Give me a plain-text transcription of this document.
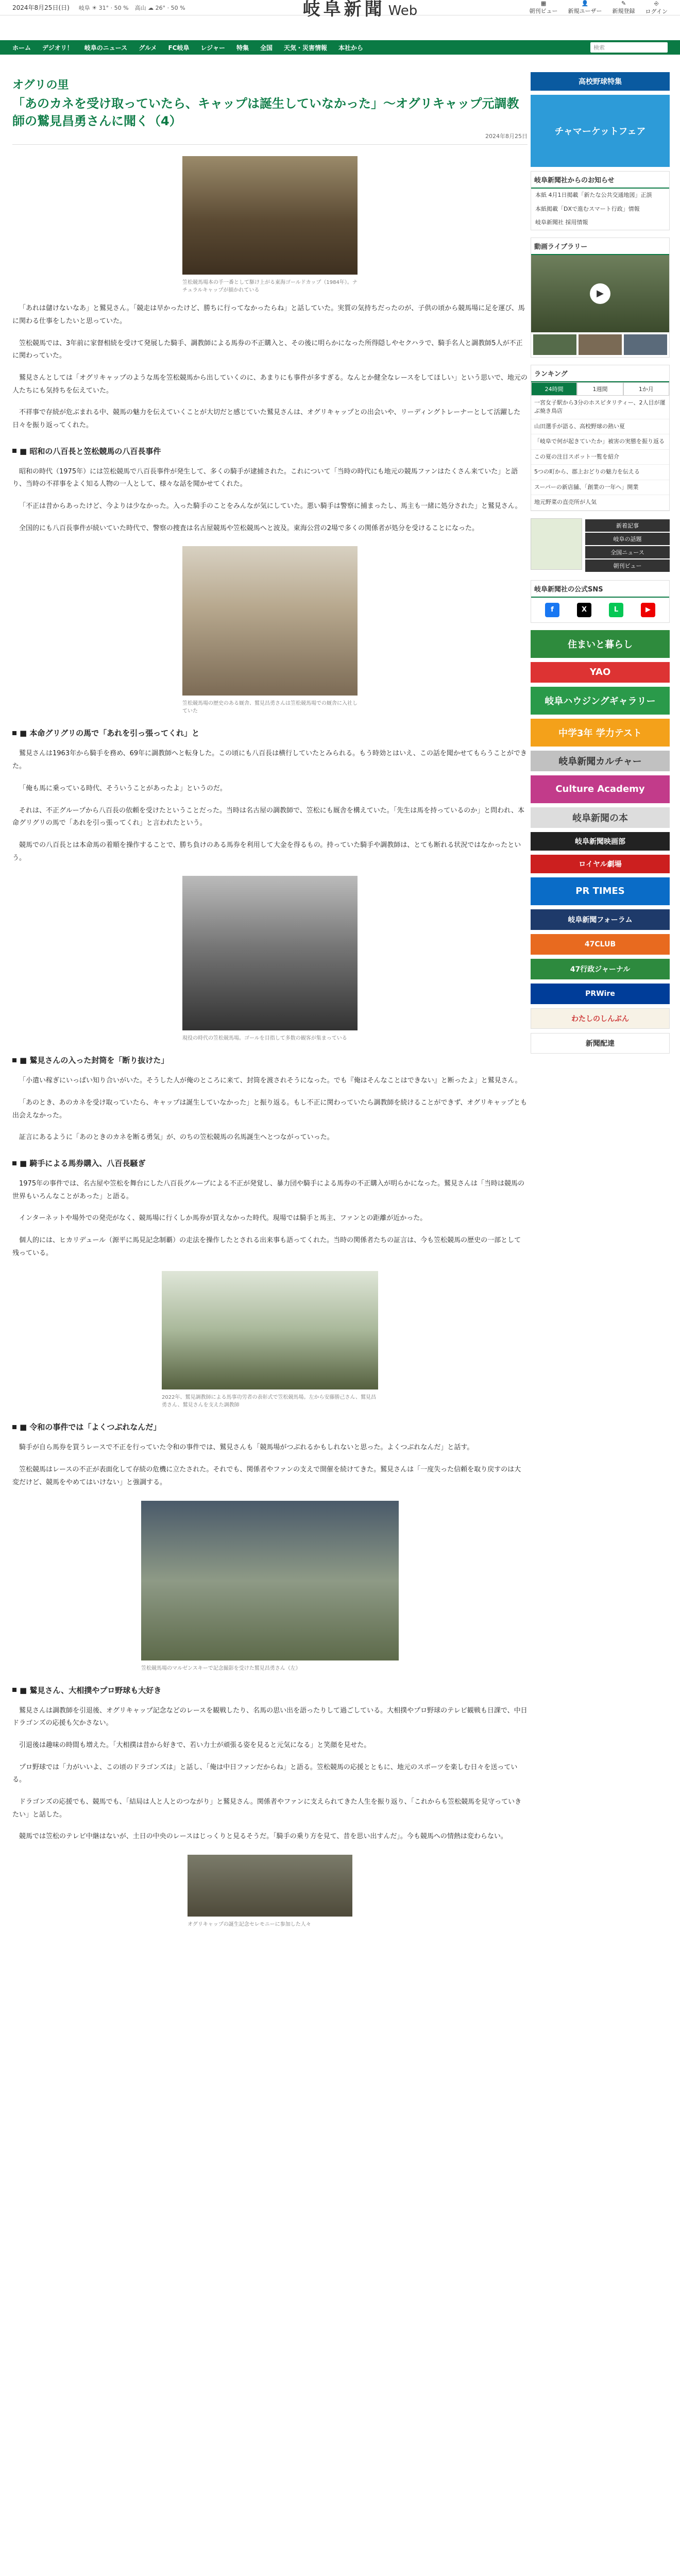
2024年8月25日(日) 岐阜 ☀ 31° · 50 % 高山 ☁ 26° · 50 %	岐阜新聞 Web	▦
朝刊ビュー
👤
新規ユーザー
✎
新規登録
⎆
ログイン
ホーム デジオリ！ 岐阜のニュース グルメ FC岐阜 レジャー 特集 全国 天気・災害情報 本社から	検索
オグリの里
「あのカネを受け取っていたら、キャップは誕生していなかった」～オグリキャップ元調教師の鷲見昌勇さんに聞く（4）
2024年8月25日
笠松競馬場本の手一番として駆け上がる東海ゴールドカップ（1984年）。ナチュラルキャップが描かれている

「あれは儲けないなあ」と鷲見さん。「競走は早かったけど、勝ちに行ってなかったらね」と話していた。実質の気持ちだったのが、子供の頃から競馬場に足を運び、馬に関わる仕事をしたいと思っていた。

笠松競馬では、3年前に家督相続を受けて発展した騎手、調教師による馬券の不正購入と、その後に明らかになった所得隠しやセクハラで、騎手名人と調教師5人が不正に関わっていた。

鷲見さんとしては「オグリキャップのような馬を笠松競馬から出していくのに、あまりにも事件が多すぎる。なんとか健全なレースをしてほしい」という思いで、地元の人たちにも気持ちを伝えていた。

不祥事で存続が危ぶまれる中、競馬の魅力を伝えていくことが大切だと感じていた鷲見さんは、オグリキャップとの出会いや、リーディングトレーナーとして活躍した日々を振り返ってくれた。

■ 昭和の八百長と笠松競馬の八百長事件

昭和の時代（1975年）には笠松競馬で八百長事件が発生して、多くの騎手が逮捕された。これについて「当時の時代にも地元の競馬ファンはたくさん来ていた」と語り、当時の不祥事をよく知る人物の一人として、様々な話を聞かせてくれた。

「不正は昔からあったけど、今よりは少なかった。入った騎手のことをみんなが気にしていた。悪い騎手は警察に捕まったし、馬主も一緒に処分された」と鷲見さん。

全国的にも八百長事件が続いていた時代で、警察の捜査は名古屋競馬や笠松競馬へと波及。東海公営の2場で多くの関係者が処分を受けることになった。

笠松競馬場の歴史のある厩舎、鷲見昌勇さんは笠松競馬場での厩舎に入社していた
■ 本命グリグリの馬で「あれを引っ張ってくれ」と

鷲見さんは1963年から騎手を務め、69年に調教師へと転身した。この頃にも八百長は横行していたとみられる。もう時効とはいえ、この話を聞かせてもらうことができた。

「俺も馬に乗っている時代、そういうことがあったよ」というのだ。

それは、不正グループから八百長の依頼を受けたということだった。当時は名古屋の調教師で、笠松にも厩舎を構えていた。「先生は馬を持っているのか」と問われ、本命グリグリの馬で「あれを引っ張ってくれ」と言われたという。

競馬での八百長とは本命馬の着順を操作することで、勝ち負けのある馬券を利用して大金を得るもの。持っていた騎手や調教師は、とても断れる状況ではなかったという。

現役の時代の笠松競馬場。ゴールを目指して多数の観客が集まっている
■ 鷲見さんの入った封筒を「断り抜けた」

「小遣い稼ぎにいっぱい知り合いがいた。そうした人が俺のところに来て、封筒を渡されそうになった。でも『俺はそんなことはできない』と断ったよ」と鷲見さん。

「あのとき、あのカネを受け取っていたら、キャップは誕生していなかった」と振り返る。もし不正に関わっていたら調教師を続けることができず、オグリキャップとも出会えなかった。

証言にあるように「あのときのカネを断る勇気」が、のちの笠松競馬の名馬誕生へとつながっていった。

■ 騎手による馬券購入、八百長騒ぎ

1975年の事件では、名古屋や笠松を舞台にした八百長グループによる不正が発覚し、暴力団や騎手による馬券の不正購入が明らかになった。鷲見さんは「当時は競馬の世界もいろんなことがあった」と語る。

インターネットや場外での発売がなく、競馬場に行くしか馬券が買えなかった時代。現場では騎手と馬主、ファンとの距離が近かった。

個人的には、ヒカリデュール（源平に馬見記念制覇）の走法を操作したとされる出来事も語ってくれた。当時の関係者たちの証言は、今も笠松競馬の歴史の一部として残っている。

2022年、鷲見調教師による馬事功労者の表彰式で笠松競馬場。左から安藤勝己さん、鷲見昌勇さん、鷲見さんを支えた調教師
■ 令和の事件では「よくつぶれなんだ」

騎手が自ら馬券を買うレースで不正を行っていた令和の事件では、鷲見さんも「競馬場がつぶれるかもしれないと思った。よくつぶれなんだ」と話す。

笠松競馬はレースの不正が表面化して存続の危機に立たされた。それでも、関係者やファンの支えで開催を続けてきた。鷲見さんは「一度失った信頼を取り戻すのは大変だけど、競馬をやめてはいけない」と強調する。

笠松競馬場のマルゼンスキーで記念撮影を受けた鷲見昌勇さん（左）
■ 鷲見さん、大相撲やプロ野球も大好き

鷲見さんは調教師を引退後、オグリキャップ記念などのレースを観戦したり、名馬の思い出を語ったりして過ごしている。大相撲やプロ野球のテレビ観戦も日課で、中日ドラゴンズの応援も欠かさない。

引退後は趣味の時間も増えた。「大相撲は昔から好きで、若い力士が頑張る姿を見ると元気になる」と笑顔を見せた。

プロ野球では「力がいいよ、この頃のドラゴンズは」と話し、「俺は中日ファンだからね」と語る。笠松競馬の応援とともに、地元のスポーツを楽しむ日々を送っている。

ドラゴンズの応援でも、競馬でも、「結局は人と人とのつながり」と鷲見さん。関係者やファンに支えられてきた人生を振り返り、「これからも笠松競馬を見守っていきたい」と話した。

競馬では笠松のテレビ中継はないが、土日の中央のレースはじっくりと見るそうだ。「騎手の乗り方を見て、昔を思い出すんだ」。今も競馬への情熱は変わらない。

オグリキャップの誕生記念セレモニーに参加した人々
高校野球特集
チャマーケットフェア
岐阜新聞社からのお知らせ
本紙 4月1日掲載「新たな公共交通地図」正誤
本紙掲載「DXで進むスマート行政」情報
岐阜新聞社 採用情報
動画ライブラリー
▶
ランキング
24時間	1週間	1か月
一宮女子駅から3分のホスピタリティー、2人目が運ぶ焼き鳥店
山田選手が語る、高校野球の熱い夏
「岐阜で何が起きていたか」被害の実態を振り返る
この夏の注目スポット一覧を紹介
5つの町から、郡上おどりの魅力を伝える
スーパーの新店舗、「創業の一年へ」開業
地元野菜の直売所が人気
新着記事
岐阜の話題
全国ニュース
朝刊ビュー
岐阜新聞社の公式SNS
f	X	L	▶
住まいと暮らし
YAO
岐阜ハウジングギャラリー
中学3年 学力テスト
岐阜新聞カルチャー
Culture Academy
岐阜新聞の本
岐阜新聞映画部
ロイヤル劇場
PR TIMES
岐阜新聞フォーラム
47CLUB
47行政ジャーナル
PRWire
わたしのしんぶん
新聞配達
